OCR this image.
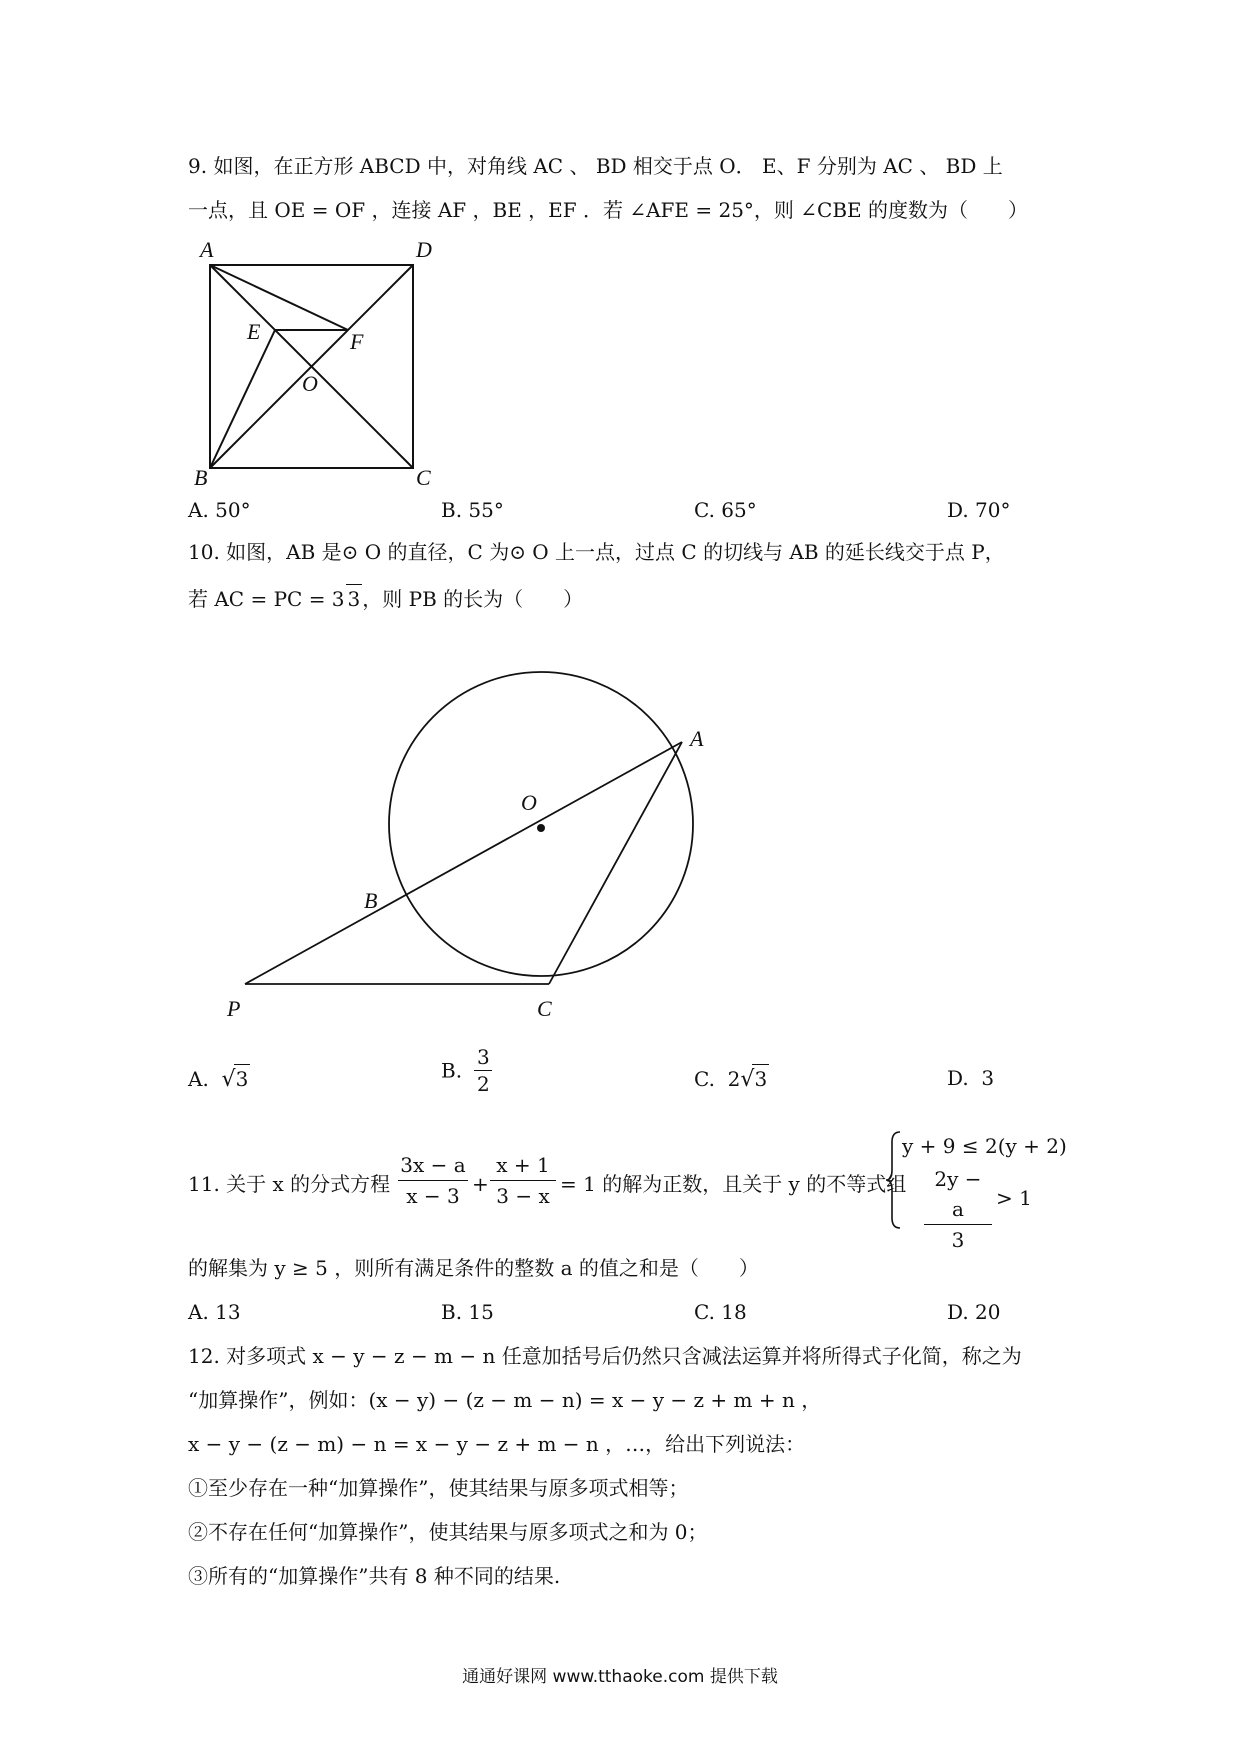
9. 如图，在正方形 ABCD 中，对角线 AC 、 BD 相交于点 O． E、F 分别为 AC 、 BD 上
一点，且 OE = OF ，连接 AF ，BE ，EF ．若 ∠AFE = 25°，则 ∠CBE 的度数为（　　）
A	D
B	C
E	F
O
A. 50°	B. 55°	C. 65°	D. 70°
10. 如图，AB 是⊙ O 的直径，C 为⊙ O 上一点，过点 C 的切线与 AB 的延长线交于点 P，
若 AC = PC = 3 3 ，则 PB 的长为（　　）
A
O
B
P	C
A. √3	B. $\frac{3}{2}$	C. 2√3	D. 3
11. 关于 x 的分式方程 $\frac{3x - a}{x - 3} + \frac{x + 1}{3 - x} = 1$ 的解为正数，且关于 y 的不等式组
y + 9 ≤ 2(y + 2)
$\frac{2y - a}{3} > 1$
的解集为 y ≥ 5 ，则所有满足条件的整数 a 的值之和是（　　）
A. 13	B. 15	C. 18	D. 20
12. 对多项式 x − y − z − m − n 任意加括号后仍然只含减法运算并将所得式子化简，称之为
“加算操作”，例如：(x − y) − (z − m − n) = x − y − z + m + n ，
x − y − (z − m) − n = x − y − z + m − n ，…，给出下列说法：
①至少存在一种“加算操作”，使其结果与原多项式相等；
②不存在任何“加算操作”，使其结果与原多项式之和为 0；
③所有的“加算操作”共有 8 种不同的结果.
通通好课网 www.tthaoke.com 提供下载
